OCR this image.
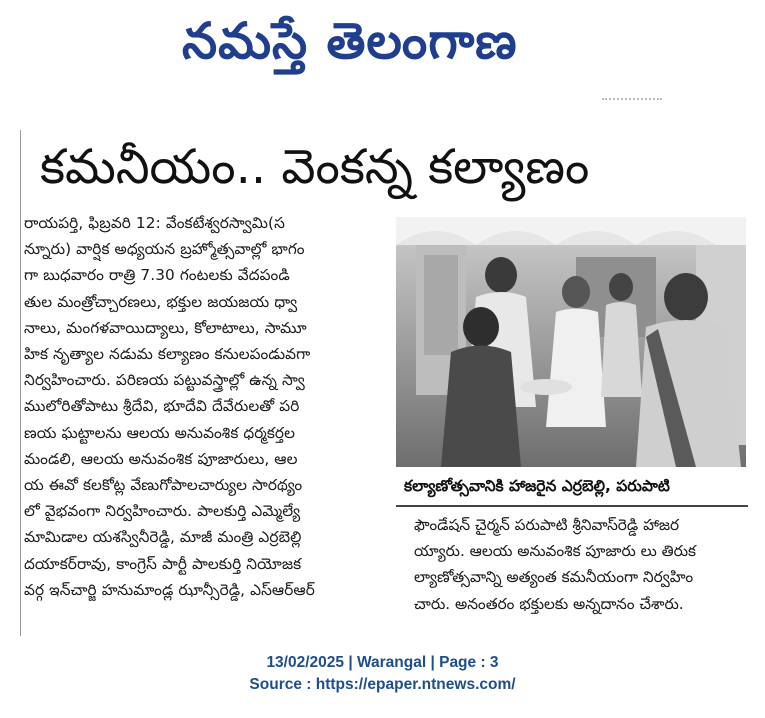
నమస్తే తెలంగాణ
కమనీయం.. వెంకన్న కల్యాణం

రాయపర్తి, ఫిబ్రవరి 12: వేంకటేశ్వరస్వామి(స

న్నూరు) వార్షిక అధ్యయన బ్రహ్మోత్సవాల్లో భాగం

గా బుధవారం రాత్రి 7.30 గంటలకు వేదపండి

తుల మంత్రోచ్చారణలు, భక్తుల జయజయ ధ్వా

నాలు, మంగళవాయిద్యాలు, కోలాటాలు, సామూ

హిక నృత్యాల నడుమ కల్యాణం కనులపండువగా

నిర్వహించారు. పరిణయ పట్టువస్త్రాల్లో ఉన్న స్వా

ములోరితోపాటు శ్రీదేవి, భూదేవి దేవేరులతో పరి

ణయ ఘట్టాలను ఆలయ అనువంశిక ధర్మకర్తల

మండలి, ఆలయ అనువంశిక పూజారులు, ఆల

య ఈవో కలకోట్ల వేణుగోపాలచార్యుల సారథ్యం

లో వైభవంగా నిర్వహించారు. పాలకుర్తి ఎమ్మెల్యే

మామిడాల యశస్వినీరెడ్డి, మాజీ మంత్రి ఎర్రబెల్లి

దయాకర్‌రావు, కాంగ్రెస్ పార్టీ పాలకుర్తి నియోజక

వర్గ ఇన్‌చార్జి హనుమాండ్ల ఝాన్సీరెడ్డి, ఎస్ఆర్ఆర్

కల్యాణోత్సవానికి హాజరైన ఎర్రబెల్లి, పరుపాటి

ఫౌండేషన్ చైర్మన్ పరుపాటి శ్రీనివాస్‌రెడ్డి హాజర

య్యారు. ఆలయ అనువంశిక పూజారు లు తిరుక

ల్యాణోత్సవాన్ని అత్యంత కమనీయంగా నిర్వహిం

చారు. అనంతరం భక్తులకు అన్నదానం చేశారు.

13/02/2025 | Warangal | Page : 3
Source : https://epaper.ntnews.com/
